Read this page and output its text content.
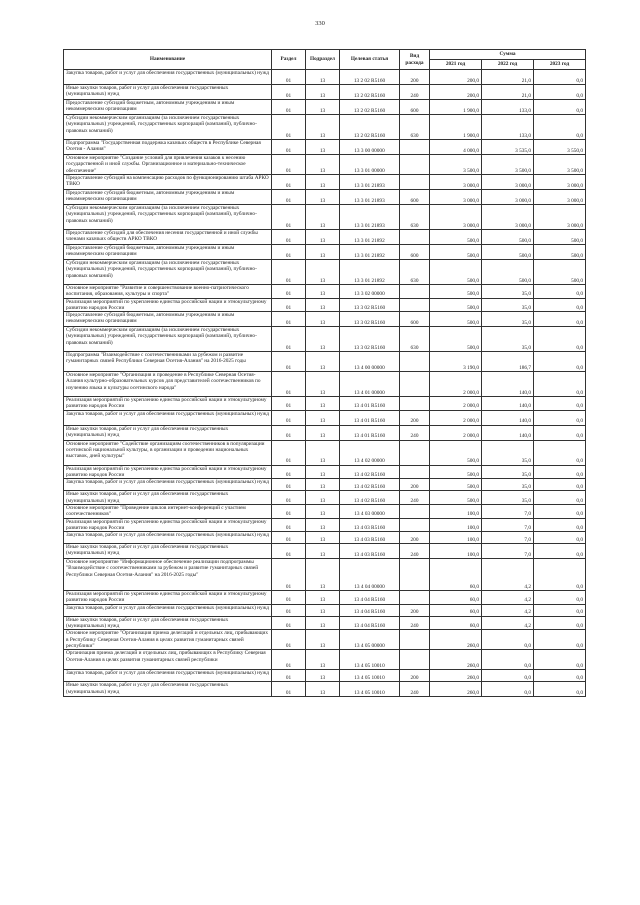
330
Наименование	Раздел	Подраздел	Целевая статья	Вид расхода	Сумма		
					2021 год	2022 год	2023 год
Закупка товаров, работ и услуг для обеспечения государственных (муниципальных) нужд	01	13	13 2 02 R5160	200	200,0	21,0	0,0
Иные закупки товаров, работ и услуг для обеспечения государственных (муниципальных) нужд	01	13	13 2 02 R5160	240	200,0	21,0	0,0
Предоставление субсидий бюджетным, автономным учреждениям и иным некоммерческим организациям	01	13	13 2 02 R5160	600	1 900,0	133,0	0,0
Субсидии некоммерческим организациям (за исключением государственных (муниципальных) учреждений, государственных корпораций (компаний), публично-правовых компаний)	01	13	13 2 02 R5160	630	1 900,0	133,0	0,0
Подпрограмма "Государственная поддержка казачьих обществ в Республике Северная Осетия - Алания"	01	13	13 3 00 00000		4 000,0	3 535,0	3 550,0
Основное мероприятие "Создание условий для привлечения казаков к несению государственной и иной службы. Организационное и материально-техническое обеспечение"	01	13	13 3 01 00000		3 500,0	3 500,0	3 500,0
Предоставление субсидий на компенсацию расходов по функционированию штаба АРКО ТВКО	01	13	13 3 01 21893		3 000,0	3 000,0	3 000,0
Предоставление субсидий бюджетным, автономным учреждениям и иным некоммерческим организациям	01	13	13 3 01 21893	600	3 000,0	3 000,0	3 000,0
Субсидии некоммерческим организациям (за исключением государственных (муниципальных) учреждений, государственных корпораций (компаний), публично-правовых компаний)	01	13	13 3 01 21893	630	3 000,0	3 000,0	3 000,0
Предоставление субсидий для обеспечения несения государственной и иной службы членами казачьих обществ АРКО ТВКО	01	13	13 3 01 21892		500,0	500,0	500,0
Предоставление субсидий бюджетным, автономным учреждениям и иным некоммерческим организациям	01	13	13 3 01 21892	600	500,0	500,0	500,0
Субсидии некоммерческим организациям (за исключением государственных (муниципальных) учреждений, государственных корпораций (компаний), публично-правовых компаний)	01	13	13 3 01 21892	630	500,0	500,0	500,0
Основное мероприятие "Развитие и совершенствование военно-патриотического воспитания, образования, культуры и спорта"	01	13	13 3 02 00000		500,0	35,0	0,0
Реализация мероприятий по укреплению единства российской нации и этнокультурному развитию народов России	01	13	13 3 02 R5160		500,0	35,0	0,0
Предоставление субсидий бюджетным, автономным учреждениям и иным некоммерческим организациям	01	13	13 3 02 R5160	600	500,0	35,0	0,0
Субсидии некоммерческим организациям (за исключением государственных (муниципальных) учреждений, государственных корпораций (компаний), публично-правовых компаний)	01	13	13 3 02 R5160	630	500,0	35,0	0,0
Подпрограмма "Взаимодействие с соотечественниками за рубежом и развитие гуманитарных связей Республики Северная Осетия-Алания" на 2016-2025 годы	01	13	13 4 00 00000		3 190,0	186,7	0,0
Основное мероприятие "Организация и проведение в Республике Северная Осетия-Алания культурно-образовательных курсов для представителей соотечественников по изучению языка и культуры осетинского народа"	01	13	13 4 01 00000		2 000,0	140,0	0,0
Реализация мероприятий по укреплению единства российской нации и этнокультурному развитию народов России	01	13	13 4 01 R5160		2 000,0	140,0	0,0
Закупка товаров, работ и услуг для обеспечения государственных (муниципальных) нужд	01	13	13 4 01 R5160	200	2 000,0	140,0	0,0
Иные закупки товаров, работ и услуг для обеспечения государственных (муниципальных) нужд	01	13	13 4 01 R5160	240	2 000,0	140,0	0,0
Основное мероприятие "Содействие организациям соотечественников в популяризации осетинской национальной культуры, в организации и проведении национальных выставок, дней культуры"	01	13	13 4 02 00000		500,0	35,0	0,0
Реализация мероприятий по укреплению единства российской нации и этнокультурному развитию народов России	01	13	13 4 02 R5160		500,0	35,0	0,0
Закупка товаров, работ и услуг для обеспечения государственных (муниципальных) нужд	01	13	13 4 02 R5160	200	500,0	35,0	0,0
Иные закупки товаров, работ и услуг для обеспечения государственных (муниципальных) нужд	01	13	13 4 02 R5160	240	500,0	35,0	0,0
Основное мероприятие "Проведение циклов интернет-конференций с участием соотечественников"	01	13	13 4 03 00000		100,0	7,0	0,0
Реализация мероприятий по укреплению единства российской нации и этнокультурному развитию народов России	01	13	13 4 03 R5160		100,0	7,0	0,0
Закупка товаров, работ и услуг для обеспечения государственных (муниципальных) нужд	01	13	13 4 03 R5160	200	100,0	7,0	0,0
Иные закупки товаров, работ и услуг для обеспечения государственных (муниципальных) нужд	01	13	13 4 03 R5160	240	100,0	7,0	0,0
Основное мероприятие "Информационное обеспечение реализации подпрограммы "Взаимодействие с соотечественниками за рубежом и развитие гуманитарных связей Республики Северная Осетия-Алания" на 2016-2025 годы"	01	13	13 4 04 00000		60,0	4,2	0,0
Реализация мероприятий по укреплению единства российской нации и этнокультурному развитию народов России	01	13	13 4 04 R5160		60,0	4,2	0,0
Закупка товаров, работ и услуг для обеспечения государственных (муниципальных) нужд	01	13	13 4 04 R5160	200	60,0	4,2	0,0
Иные закупки товаров, работ и услуг для обеспечения государственных (муниципальных) нужд	01	13	13 4 04 R5160	240	60,0	4,2	0,0
Основное мероприятие "Организация приема делегаций и отдельных лиц, прибывающих в Республику Северная Осетия-Алания в целях развития гуманитарных связей республики"	01	13	13 4 05 00000		260,0	0,0	0,0
Организация приема делегаций и отдельных лиц, прибывающих в Республику Северная Осетия-Алания в целях развития гуманитарных связей республики	01	13	13 4 05 10010		260,0	0,0	0,0
Закупка товаров, работ и услуг для обеспечения государственных (муниципальных) нужд	01	13	13 4 05 10010	200	260,0	0,0	0,0
Иные закупки товаров, работ и услуг для обеспечения государственных (муниципальных) нужд	01	13	13 4 05 10010	240	260,0	0,0	0,0
